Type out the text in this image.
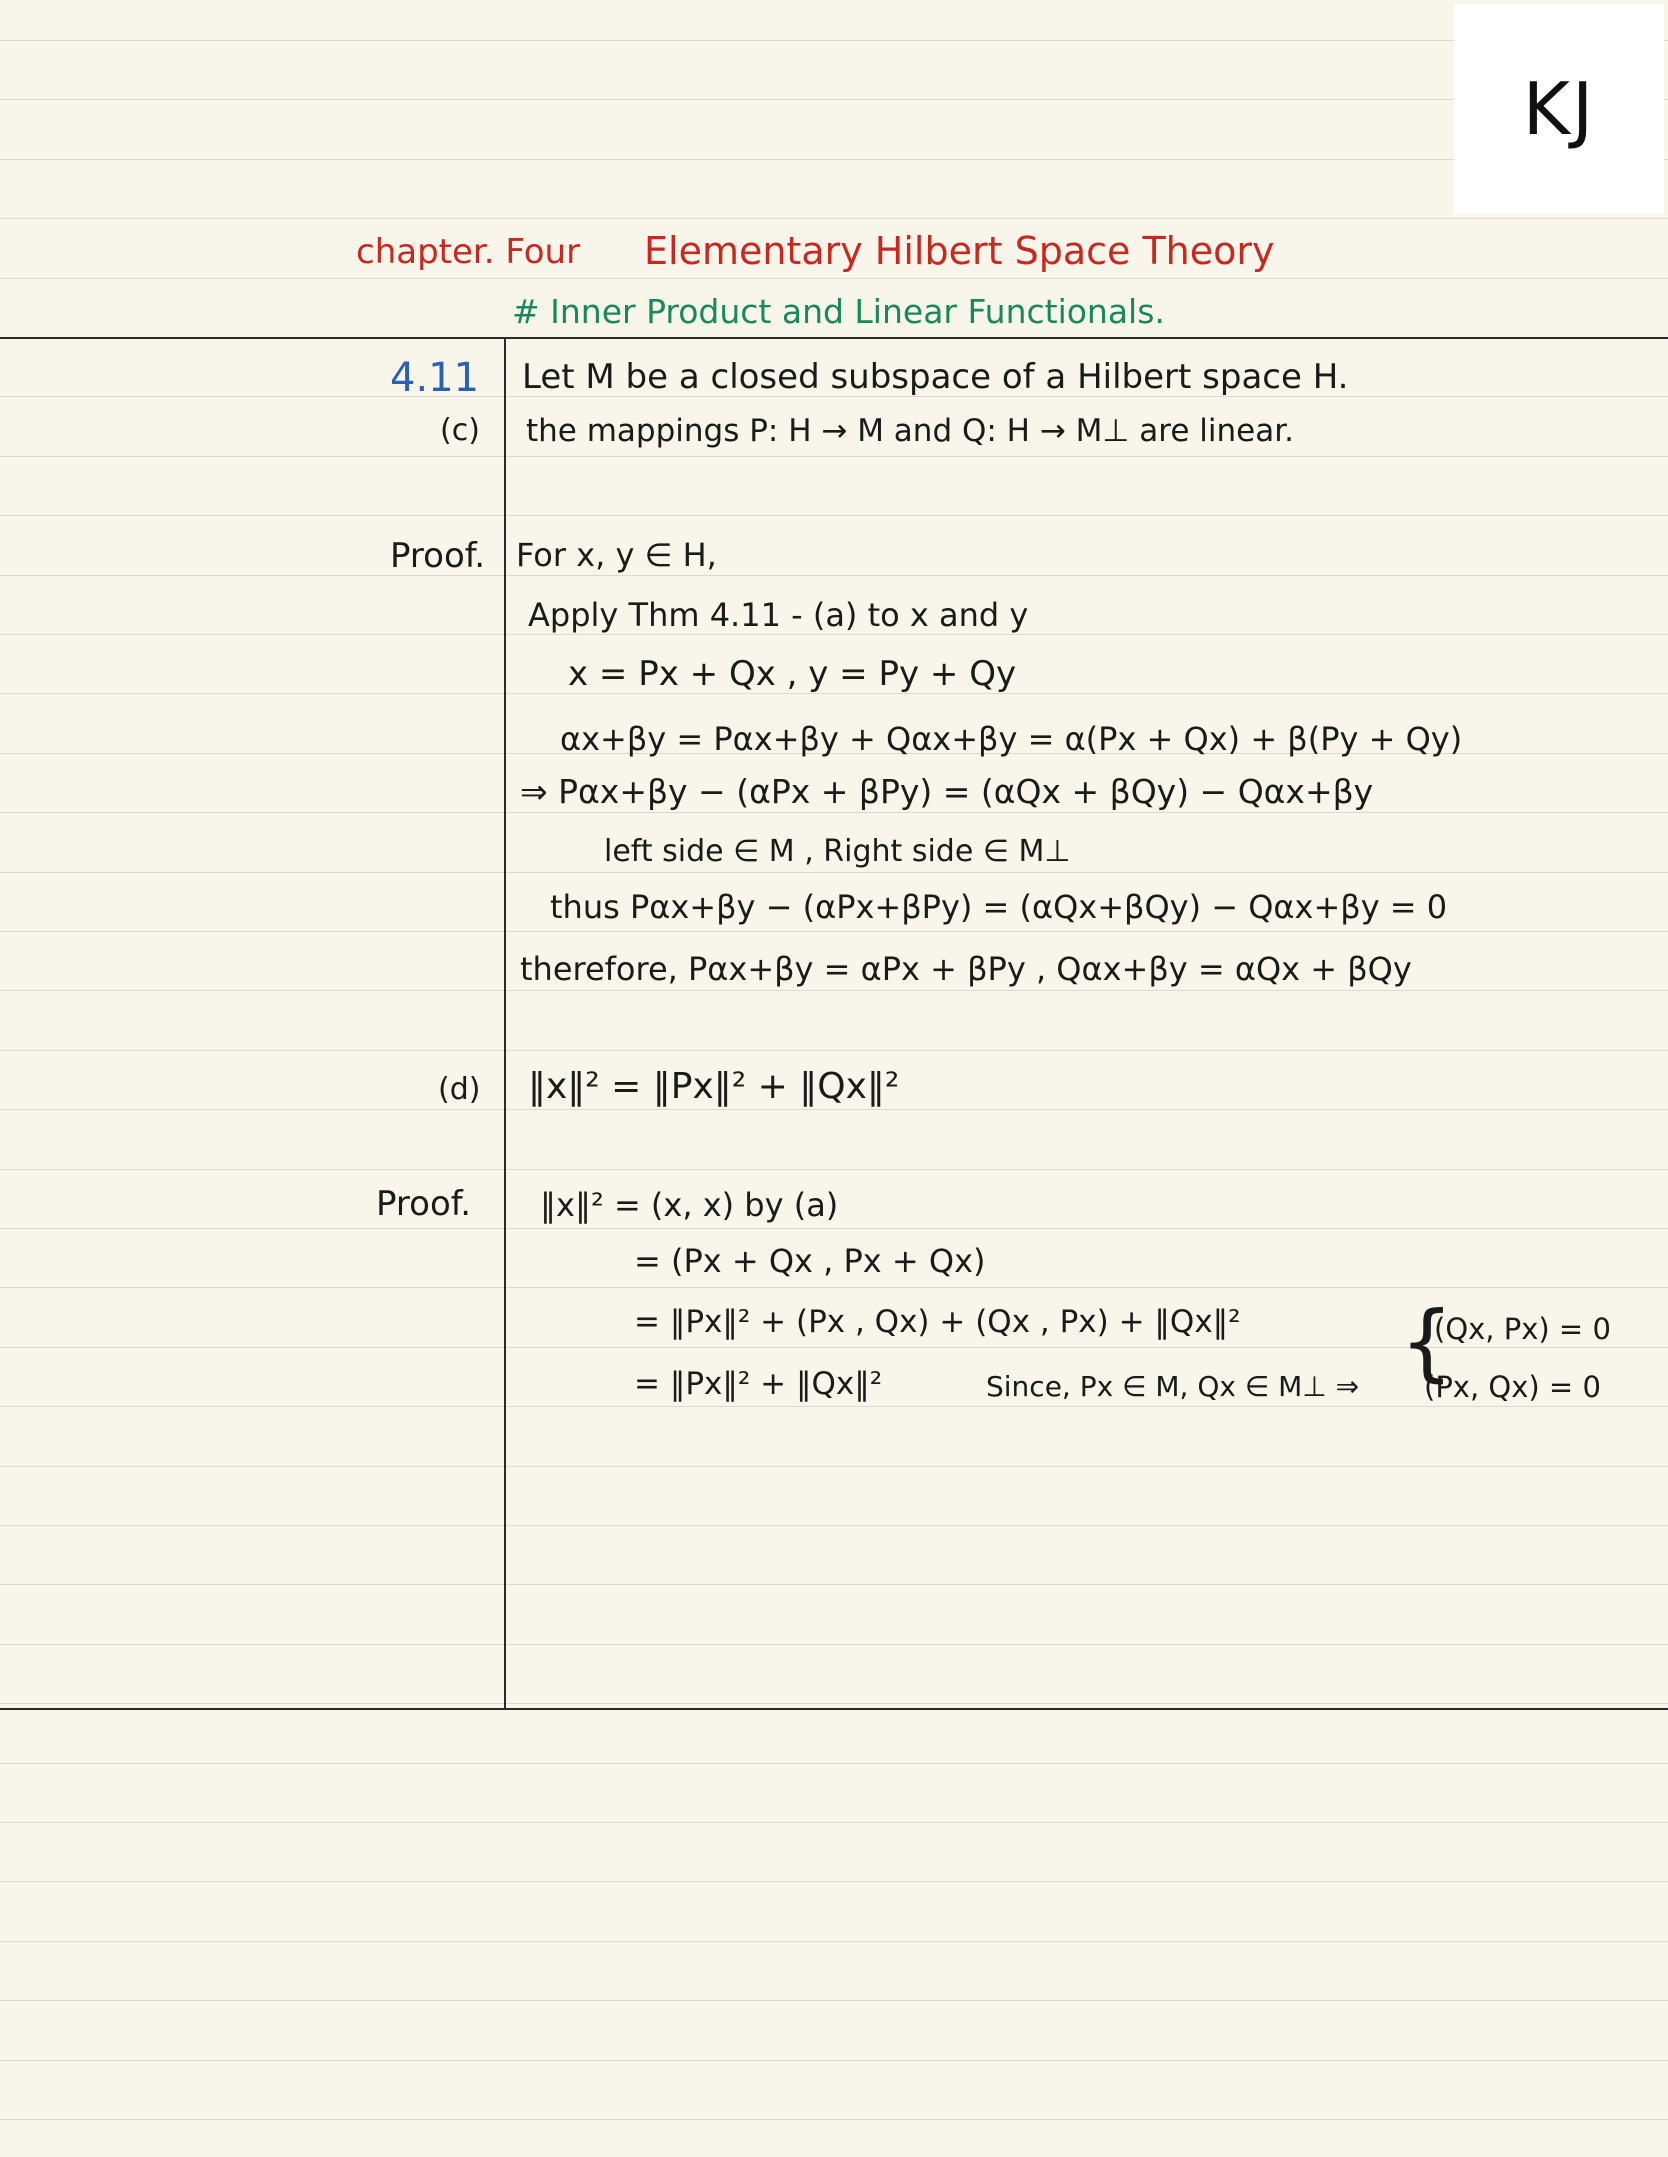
KJ
chapter. Four Elementary Hilbert Space Theory
# Inner Product and Linear Functionals.
4.11 Let M be a closed subspace of a Hilbert space H.
(c) the mappings P: H → M and Q: H → M⊥ are linear.
Proof. For x, y ∈ H,
Apply Thm 4.11 - (a) to x and y
x = Px + Qx , y = Py + Qy
αx+βy = Pαx+βy + Qαx+βy = α(Px + Qx) + β(Py + Qy)
⇒ Pαx+βy − (αPx + βPy) = (αQx + βQy) − Qαx+βy
left side ∈ M , Right side ∈ M⊥
thus Pαx+βy − (αPx+βPy) = (αQx+βQy) − Qαx+βy = 0
therefore, Pαx+βy = αPx + βPy , Qαx+βy = αQx + βQy
(d) ‖x‖² = ‖Px‖² + ‖Qx‖²
Proof. ‖x‖² = (x, x) by (a)
= (Px + Qx , Px + Qx)
= ‖Px‖² + (Px , Qx) + (Qx , Px) + ‖Qx‖²
= ‖Px‖² + ‖Qx‖²	Since, Px ∈ M, Qx ∈ M⊥ ⇒ {
(Qx, Px) = 0
(Px, Qx) = 0
